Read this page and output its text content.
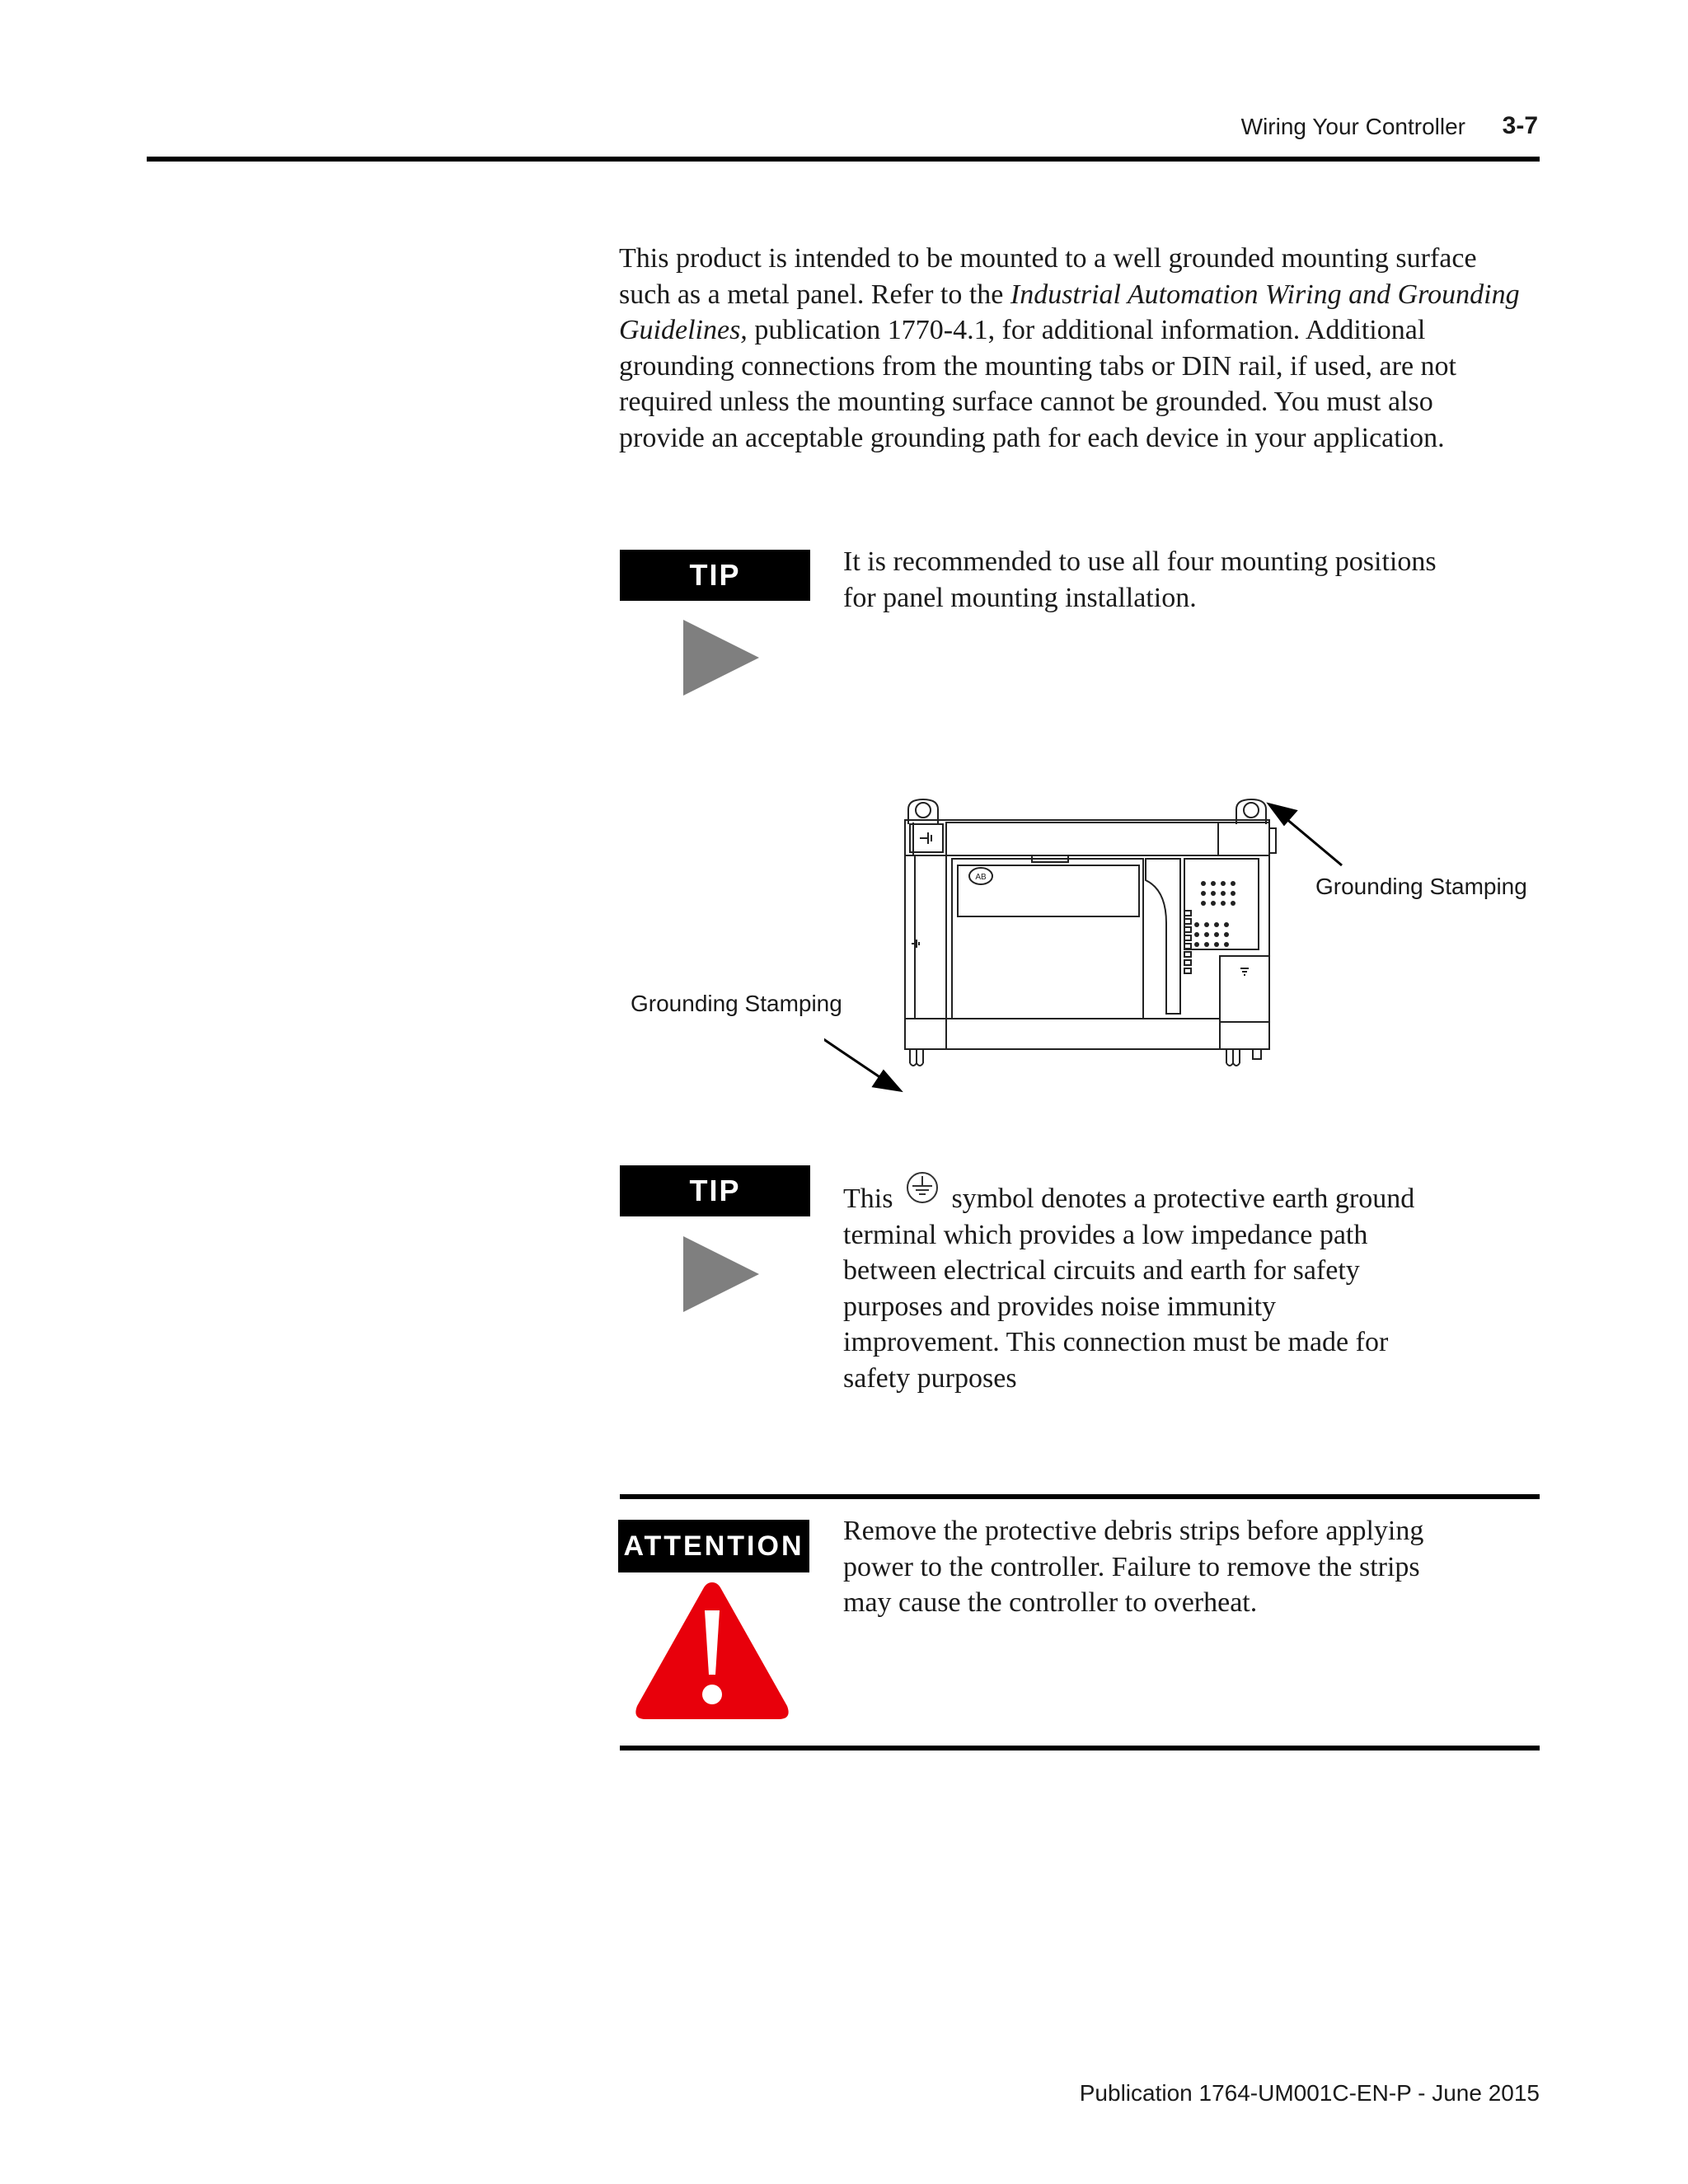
Wiring Your Controller	3-7

This product is intended to be mounted to a well grounded mounting surface
such as a metal panel. Refer to the Industrial Automation Wiring and Grounding
Guidelines, publication 1770-4.1, for additional information. Additional
grounding connections from the mounting tabs or DIN rail, if used, are not
required unless the mounting surface cannot be grounded. You must also
provide an acceptable grounding path for each device in your application.

TIP	It is recommended to use all four mounting positions
for panel mounting installation.

AB	Grounding Stamping
Grounding Stamping
TIP	This  symbol denotes a protective earth ground
terminal which provides a low impedance path
between electrical circuits and earth for safety
purposes and provides noise immunity
improvement. This connection must be made for
safety purposes

ATTENTION Remove the protective debris strips before applying
power to the controller. Failure to remove the strips
may cause the controller to overheat.

Publication 1764-UM001C-EN-P - June 2015
